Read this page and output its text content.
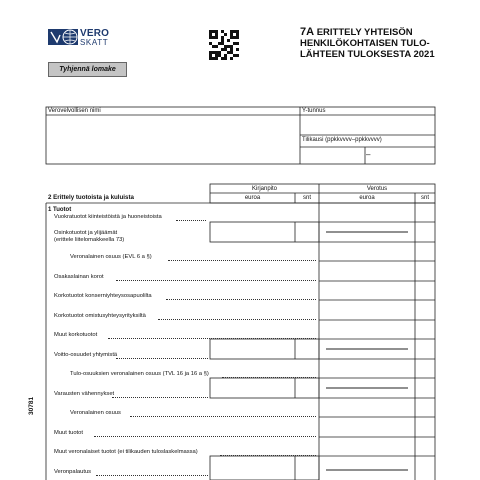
VERO
SKATT
7A ERITTELY YHTEISÖN
HENKILÖKOHTAISEN TULO-
LÄHTEEN TULOKSESTA 2021
Tyhjennä lomake
Verovelvollisen nimi	Y-tunnus
Tilikausi (ppkkvvvv–ppkkvvvv)
–
2 Erittely tuotoista ja kuluista
Kirjanpito	Verotus
euroa	snt	euroa	snt
1 Tuotot
Vuokratuotot kiinteistöistä ja huoneistoista
Osinkotuotot ja ylijäämät
(erittele liitelomakkeella 73)
Veronalainen osuus (EVL 6 a §)
Osakaslainan korot
Korkotuotot konserniyhteysosapuolilta
Korkotuotot omistusyhteysyrityksiltä
Muut korkotuotot
Voitto-osuudet yhtymistä
Tulo-osuuksien veronalainen osuus (TVL 16 ja 16 a §)
Varausten vähennykset
Veronalainen osuus
Muut tuotot
Muut veronalaiset tuotot (ei tilikauden tuloslaskelmassa)
Veronpalautus
30781
